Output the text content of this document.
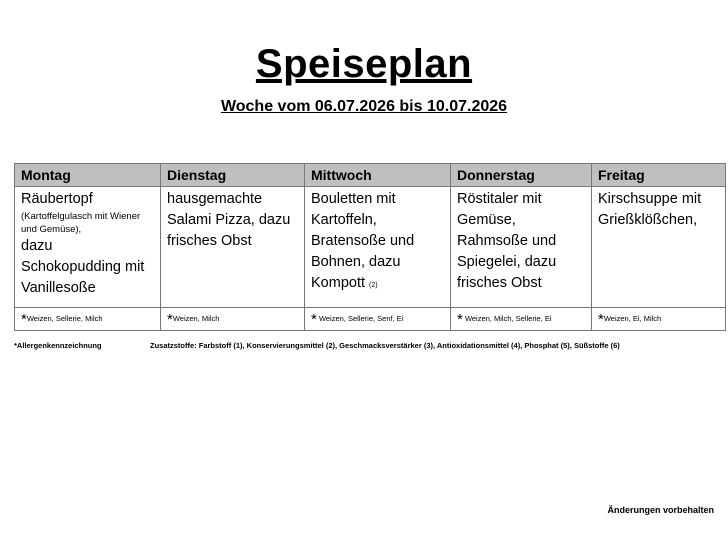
Speiseplan
Woche vom 06.07.2026 bis 10.07.2026
Montag	Dienstag	Mittwoch	Donnerstag	Freitag
Räubertopf
(Kartoffelgulasch mit Wiener und Gemüse),
dazu Schokopudding mit Vanillesoße	hausgemachte Salami Pizza, dazu frisches Obst	Bouletten mit Kartoffeln, Bratensoße und Bohnen, dazu Kompott (2)	Röstitaler mit Gemüse, Rahmsoße und Spiegelei, dazu frisches Obst	Kirschsuppe mit Grießklößchen,
*Weizen, Sellerie, Milch	*Weizen, Milch	* Weizen, Sellerie, Senf, Ei	* Weizen, Milch, Sellerie, Ei	*Weizen, Ei, Milch
*Allergenkennzeichnung	Zusatzstoffe: Farbstoff (1), Konservierungsmittel (2), Geschmacksverstärker (3), Antioxidationsmittel (4), Phosphat (5), Süßstoffe (6)
Änderungen vorbehalten
